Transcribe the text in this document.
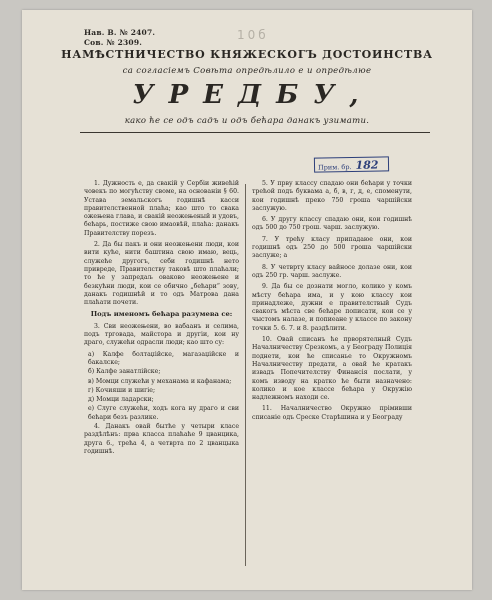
Нав. В. № 2407.
Сов. № 2309.
10б
НАМѢСТНИЧЕСТВО КНЯЖЕСКОГЪ ДОСТОИНСТВА
са согласіемъ Совѣта опредѣлило е и опредѣлюе
УРЕДБУ,
како ће се одъ садъ и одъ бећара данакъ узимати.
Прим. бр. 182

1. Дужность е, да свакій у Сербіи живећій човекъ по могућству своме, на основаніи § 60. Устава земальскогъ годишнѣ касси правителственной плаћа; као што то свака ожењена глава, и свакій неожењеный и удовъ, бећарь, постиже свою имаовѣй, плаћа: данакъ Правителству порезъ.

2. Да бы пакъ и они неожењени люди, кои вити куће, нити баштина свою имаю, вець, служеће другогъ, себи годишнѣ нето привреде, Правителству таковѣ што плаћали; то ће у запредаљ оваково неожењене и безкућни люди, кои се обично „бећари“ зову, данакъ годишнѣй и то одъ Матрова дана плаћати почети.

Подъ именомъ бећара разумева се:

3. Сви неожењени, во вабаанъ и селима, подъ трговада, майстора и другіи, кои ну драго, служећи одрасли люди; као што су:

а) Калфе болтаџійске, магазаџійске и бакалске;

б) Калфе занатлійске;

в) Момци служећи у механама и кафанама;

г) Кочияши и шигіе;

д) Момци ладарски;

е) Слуге служећи, ходъ кога ну драго и сви бећари безъ разлике.

4. Данакъ овай бытће у четыри класе раздѣлѣнъ: прва класса плаћаће 9 цванцика, друга 6., трећа 4, а четврта по 2 цванцыка годишнѣ.

5. У прву классу спадаю они бећари у точки трећой подъ буквама а, б, в, г, д, е, споменути, кои годишнѣ преко 750 гроша чаршійски заслужую.

6. У другу классу спадаю они, кои годишнѣ одъ 500 до 750 грош. чарш. заслужую.

7. У трећу класу припадаюе они, кои годишнѣ одъ 250 до 500 гроша чаршійски заслуже; а

8. У четврту класу вайносе долазе они, кои одъ 250 гр. чарш. заслуже.

9. Да бы се дознати могло, колико у комъ мѣсту бећара има, и у кою классу кои принадлеже, дужни е правителствый Судъ свакогъ мѣста све бећаре пописати, кои се у чыстомъ налазе, и попиеане у классе по закону точки 5. 6. 7. и 8. раздѣлити.

10. Овай списанъ ће прворятелный Судъ Началничеству Срезкомъ, а у Београду Полиція поднети, кои ће списанье то Окружномъ Началничеству предати, а овай ће кратакъ извадъ Попечителству Финансія послати, у комъ изводу на кратко ће быти назначено: колико и кое классе бећара у Окружію надлежномъ находи се.

11. Началничество Окружно прімивши списаніе одъ Среске Старѣшина и у Београду
